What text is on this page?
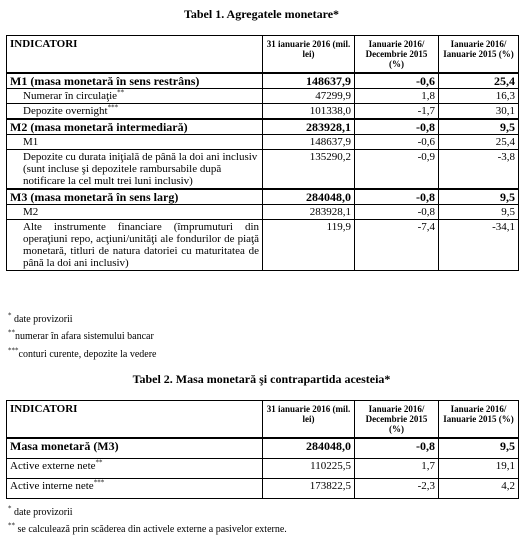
Tabel 1. Agregatele monetare*
INDICATORI	31 ianuarie 2016 (mil. lei)	Ianuarie 2016/ Decembrie 2015 (%)	Ianuarie 2016/ Ianuarie 2015 (%)
M1 (masa monetară în sens restrâns)	148637,9	-0,6	25,4
Numerar în circulaţie**	47299,9	1,8	16,3
Depozite overnight***	101338,0	-1,7	30,1
M2 (masa monetară intermediară)	283928,1	-0,8	9,5
M1	148637,9	-0,6	25,4
Depozite cu durata iniţială de până la doi ani inclusiv (sunt incluse şi depozitele rambursabile după notificare la cel mult trei luni inclusiv)	135290,2	-0,9	-3,8
M3 (masa monetară în sens larg)	284048,0	-0,8	9,5
M2	283928,1	-0,8	9,5
Alte instrumente financiare (împrumuturi din operaţiuni repo, acţiuni/unităţi ale fondurilor de piaţă monetară, titluri de natura datoriei cu maturitatea de până la doi ani inclusiv)	119,9	-7,4	-34,1
* date provizorii
**numerar în afara sistemului bancar
***conturi curente, depozite la vedere
Tabel 2. Masa monetară şi contrapartida acesteia*
INDICATORI	31 ianuarie 2016 (mil. lei)	Ianuarie 2016/ Decembrie 2015 (%)	Ianuarie 2016/ Ianuarie 2015 (%)
Masa monetară (M3)	284048,0	-0,8	9,5
Active externe nete**	110225,5	1,7	19,1
Active interne nete***	173822,5	-2,3	4,2
* date provizorii
** se calculează prin scăderea din activele externe a pasivelor externe.
